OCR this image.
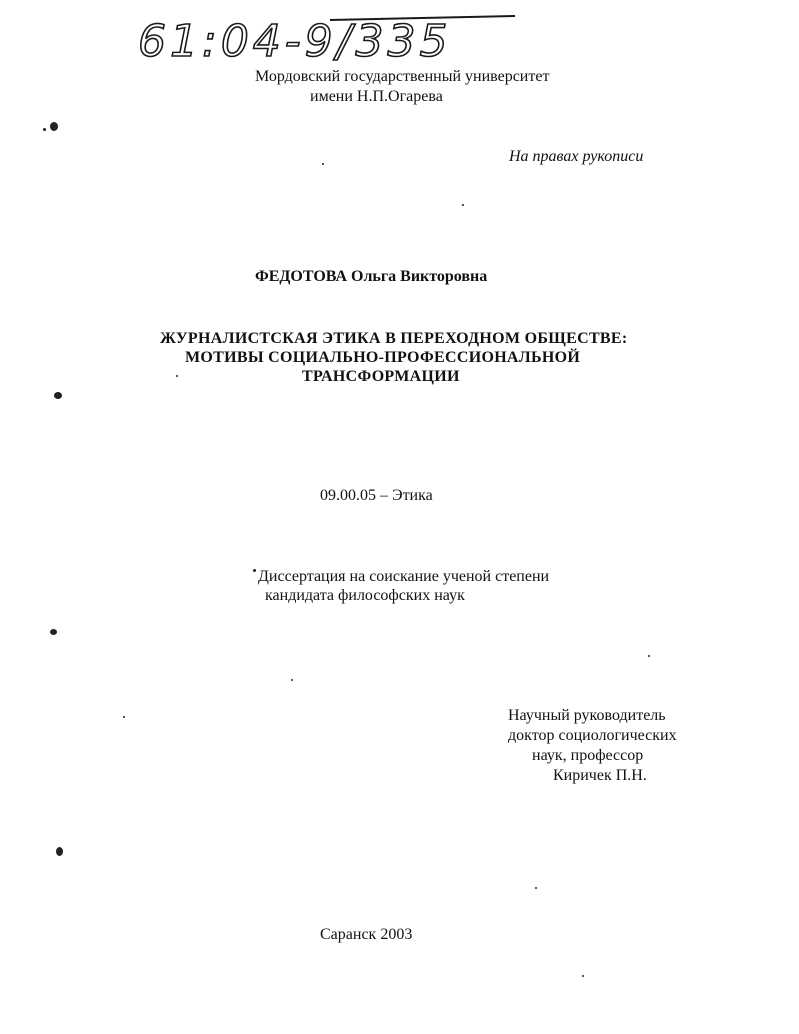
61:04-9/335
Мордовский государственный университет
имени Н.П.Огарева
На правах рукописи
ФЕДОТОВА Ольга Викторовна
ЖУРНАЛИСТСКАЯ ЭТИКА В ПЕРЕХОДНОМ ОБЩЕСТВЕ:
МОТИВЫ СОЦИАЛЬНО-ПРОФЕССИОНАЛЬНОЙ
ТРАНСФОРМАЦИИ
09.00.05 – Этика
Диссертация на соискание ученой степени
кандидата философских наук
Научный руководитель
доктор социологических
наук, профессор
Киричек П.Н.
Саранск 2003
